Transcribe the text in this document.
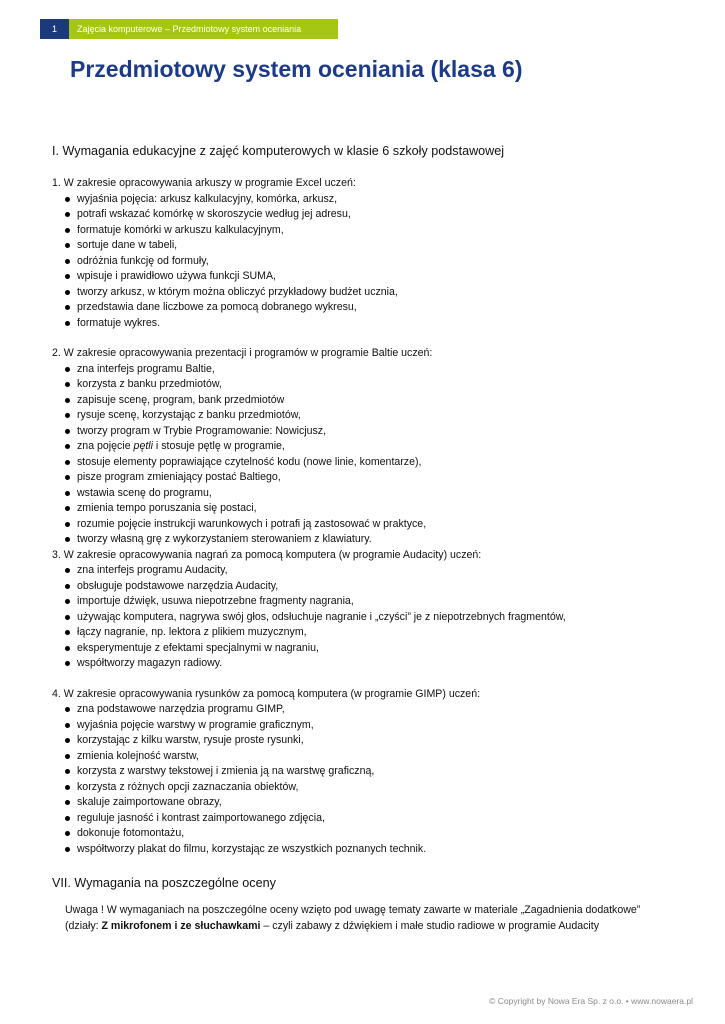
1	Zajęcia komputerowe – Przedmiotowy system oceniania
Przedmiotowy system oceniania (klasa 6)

I. Wymagania edukacyjne z zajęć komputerowych w klasie 6 szkoły podstawowej

1. W zakresie opracowywania arkuszy w programie Excel uczeń:

wyjaśnia pojęcia: arkusz kalkulacyjny, komórka, arkusz,
potrafi wskazać komórkę w skoroszycie według jej adresu,
formatuje komórki w arkuszu kalkulacyjnym,
sortuje dane w tabeli,
odróżnia funkcję od formuły,
wpisuje i prawidłowo używa funkcji SUMA,
tworzy arkusz, w którym można obliczyć przykładowy budżet ucznia,
przedstawia dane liczbowe za pomocą dobranego wykresu,
formatuje wykres.

2. W zakresie opracowywania prezentacji i programów w programie Baltie uczeń:

zna interfejs programu Baltie,
korzysta z banku przedmiotów,
zapisuje scenę, program, bank przedmiotów
rysuje scenę, korzystając z banku przedmiotów,
tworzy program w Trybie Programowanie: Nowicjusz,
zna pojęcie pętli i stosuje pętlę w programie,
stosuje elementy poprawiające czytelność kodu (nowe linie, komentarze),
pisze program zmieniający postać Baltiego,
wstawia scenę do programu,
zmienia tempo poruszania się postaci,
rozumie pojęcie instrukcji warunkowych i potrafi ją zastosować w praktyce,
tworzy własną grę z wykorzystaniem sterowaniem z klawiatury.

3. W zakresie opracowywania nagrań za pomocą komputera (w programie Audacity) uczeń:

zna interfejs programu Audacity,
obsługuje podstawowe narzędzia Audacity,
importuje dźwięk, usuwa niepotrzebne fragmenty nagrania,
używając komputera, nagrywa swój głos, odsłuchuje nagranie i „czyści” je z niepotrzebnych fragmentów,
łączy nagranie, np. lektora z plikiem muzycznym,
eksperymentuje z efektami specjalnymi w nagraniu,
współtworzy magazyn radiowy.

4. W zakresie opracowywania rysunków za pomocą komputera (w programie GIMP) uczeń:

zna podstawowe narzędzia programu GIMP,
wyjaśnia pojęcie warstwy w programie graficznym,
korzystając z kilku warstw, rysuje proste rysunki,
zmienia kolejność warstw,
korzysta z warstwy tekstowej i zmienia ją na warstwę graficzną,
korzysta z różnych opcji zaznaczania obiektów,
skaluje zaimportowane obrazy,
reguluje jasność i kontrast zaimportowanego zdjęcia,
dokonuje fotomontażu,
współtworzy plakat do filmu, korzystając ze wszystkich poznanych technik.

VII. Wymagania na poszczególne oceny

Uwaga ! W wymaganiach na poszczególne oceny wzięto pod uwagę tematy zawarte w materiale „Zagadnienia dodatkowe”
(działy: Z mikrofonem i ze słuchawkami – czyli zabawy z dźwiękiem i małe studio radiowe w programie Audacity
© Copyright by Nowa Era Sp. z o.o. • www.nowaera.pl
